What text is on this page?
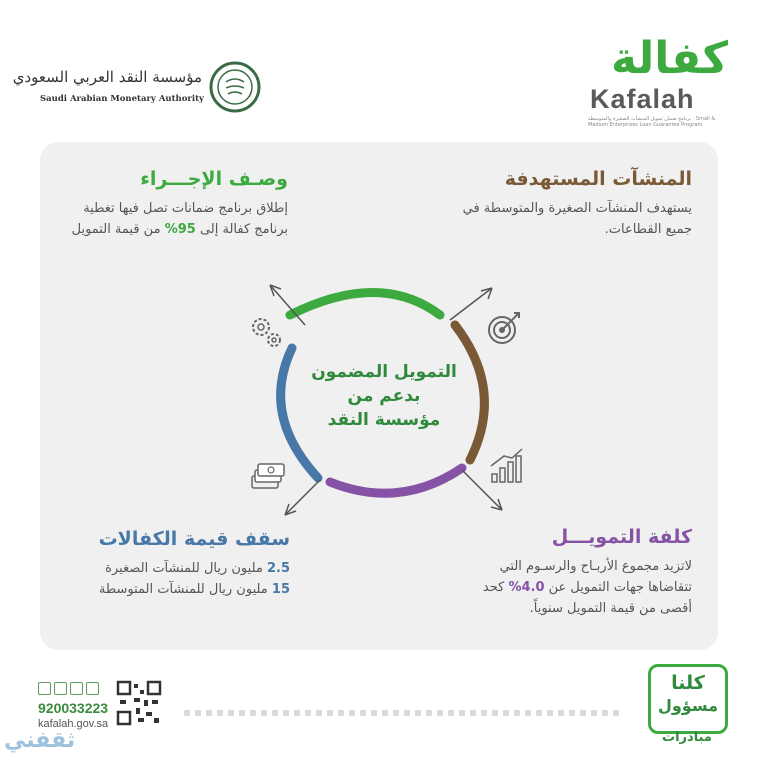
مؤسسة النقد العربي السعودي
Saudi Arabian Monetary Authority
كفالة
Kafalah
برنامج ضمان تمويل المنشآت الصغيرة والمتوسطة · Small & Medium Enterprises Loan Guarantee Program
المنشآت المستهدفة
يستهدف المنشآت الصغيرة والمتوسطة في جميع القطاعات.
وصـف الإجـــراء
إطلاق برنامج ضمانات تصل فيها تغطية برنامج كفالة إلى 95% من قيمة التمويل
سقف قيمة الكفالات
2.5 مليون ريال للمنشآت الصغيرة
15 مليون ريال للمنشآت المتوسطة
كلفة التمويـــل
لاتزيد مجموع الأربـاح والرسـوم التي تتقاضاها جهات التمويل عن 4.0% كحد أقصى من قيمة التمويل سنوياً.
التمويل المضمون
بدعم من
مؤسسة النقد
920033223
kafalah.gov.sa
كلنا
مسؤول
مبادرات
ثقفني
